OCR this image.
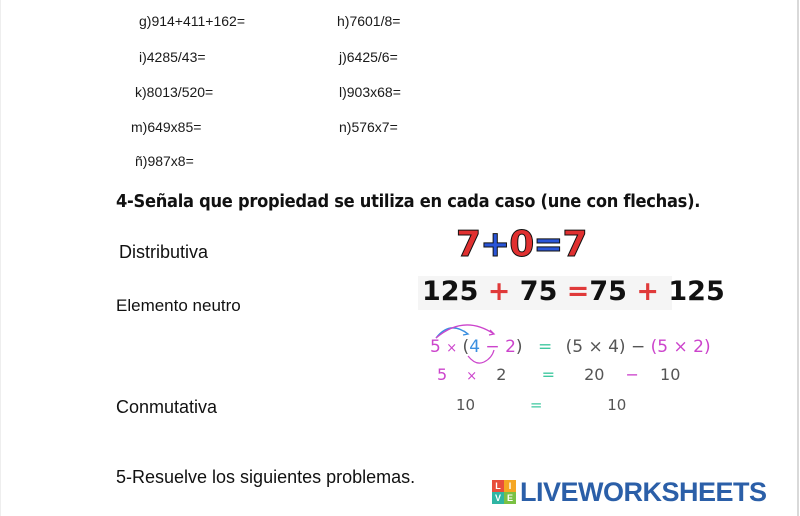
g)914+411+162=	h)7601/8=
i)4285/43=	j)6425/6=
k)8013/520=	l)903x68=
m)649x85=	n)576x7=
ñ)987x8=
4-Señala que propiedad se utiliza en cada caso (une con flechas).
Distributiva
Elemento neutro
Conmutativa
7+0=7
125 + 75 =75 + 125
5 × (4 − 2) = (5 × 4) − (5 × 2)
5 × 2 = 20 − 10
10	=	10
5-Resuelve los siguientes problemas.	L I
V E LIVEWORKSHEETS
